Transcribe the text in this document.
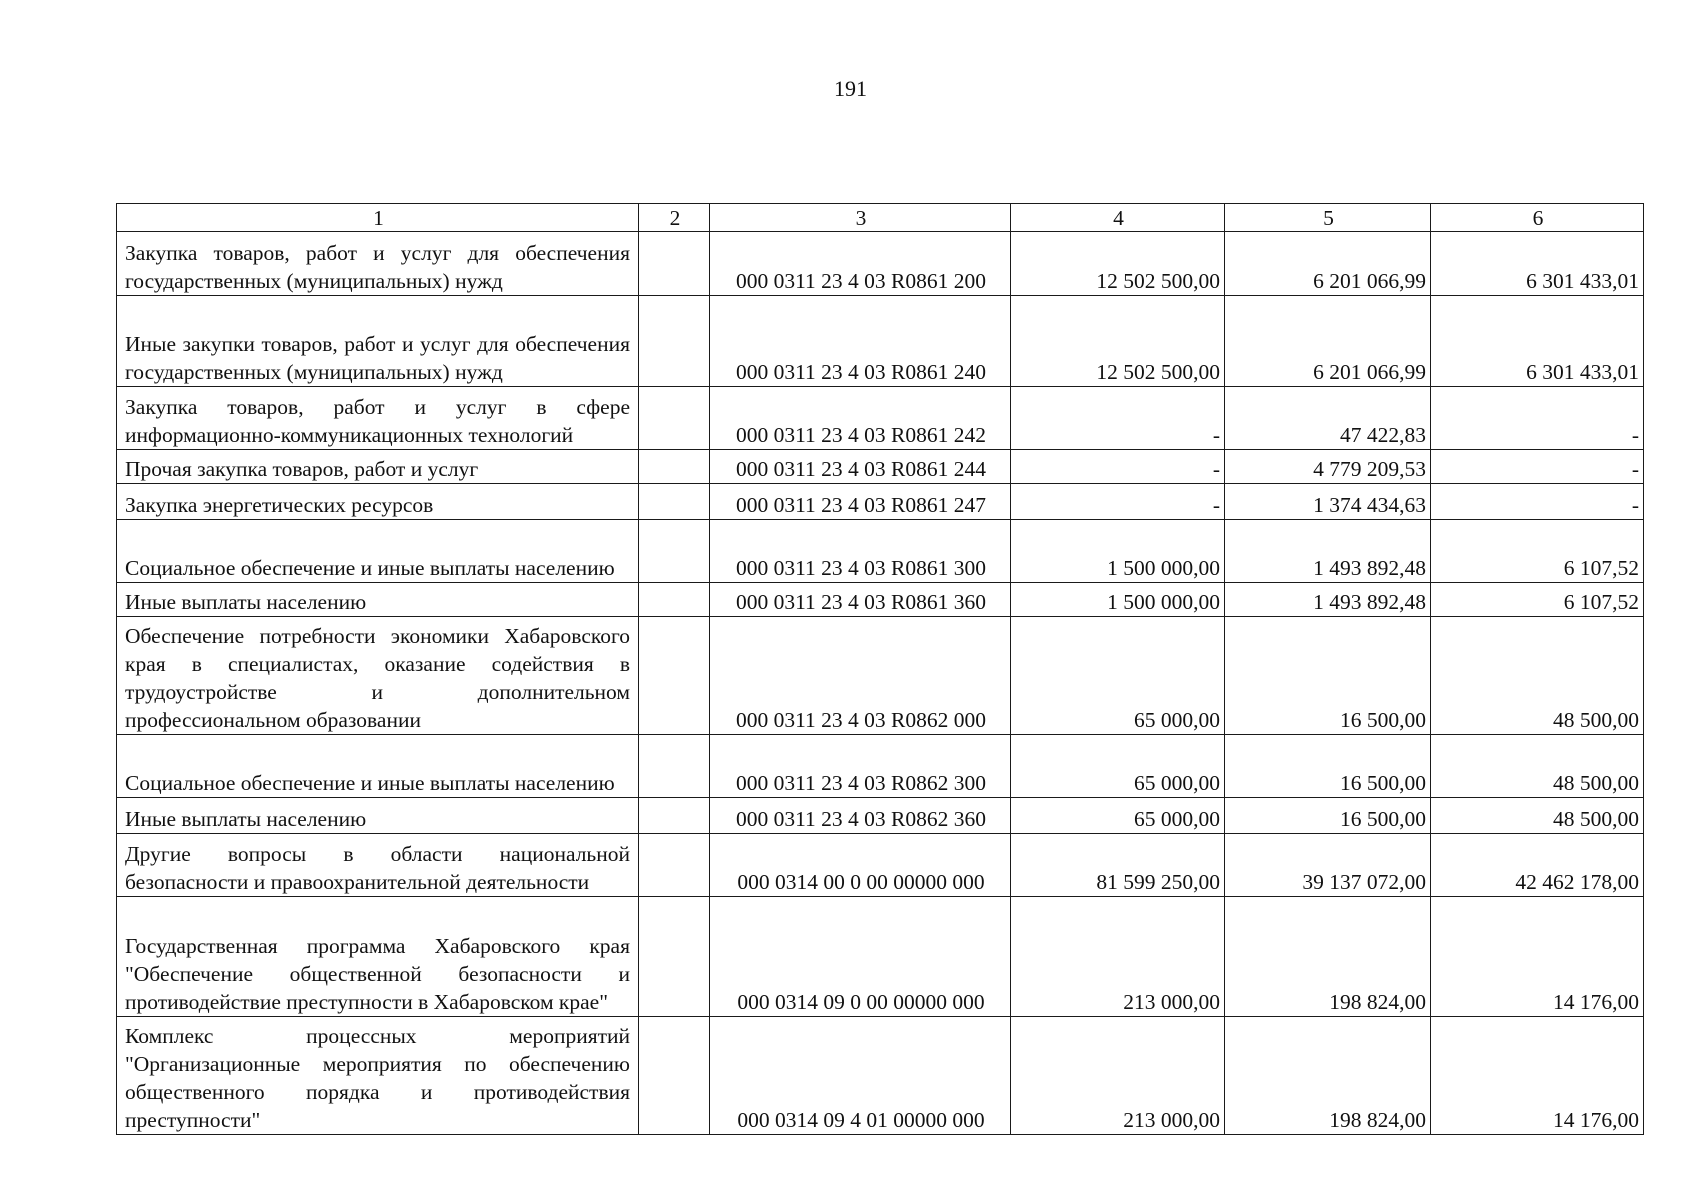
191
1	2	3	4	5	6
Закупка товаров, работ и услуг для обеспечения государственных (муниципальных) нужд		000 0311 23 4 03 R0861 200	12 502 500,00	6 201 066,99	6 301 433,01
Иные закупки товаров, работ и услуг для обеспечения государственных (муниципальных) нужд		000 0311 23 4 03 R0861 240	12 502 500,00	6 201 066,99	6 301 433,01
Закупка товаров, работ и услуг в сфере информационно-коммуникационных технологий		000 0311 23 4 03 R0861 242	-	47 422,83	-
Прочая закупка товаров, работ и услуг		000 0311 23 4 03 R0861 244	-	4 779 209,53	-
Закупка энергетических ресурсов		000 0311 23 4 03 R0861 247	-	1 374 434,63	-
Социальное обеспечение и иные выплаты населению		000 0311 23 4 03 R0861 300	1 500 000,00	1 493 892,48	6 107,52
Иные выплаты населению		000 0311 23 4 03 R0861 360	1 500 000,00	1 493 892,48	6 107,52
Обеспечение потребности экономики Хабаровского края в специалистах, оказание содействия в трудоустройстве и дополнительном профессиональном образовании		000 0311 23 4 03 R0862 000	65 000,00	16 500,00	48 500,00
Социальное обеспечение и иные выплаты населению		000 0311 23 4 03 R0862 300	65 000,00	16 500,00	48 500,00
Иные выплаты населению		000 0311 23 4 03 R0862 360	65 000,00	16 500,00	48 500,00
Другие вопросы в области национальной безопасности и правоохранительной деятельности		000 0314 00 0 00 00000 000	81 599 250,00	39 137 072,00	42 462 178,00
Государственная программа Хабаровского края "Обеспечение общественной безопасности и противодействие преступности в Хабаровском крае"		000 0314 09 0 00 00000 000	213 000,00	198 824,00	14 176,00
Комплекс процессных мероприятий "Организационные мероприятия по обеспечению общественного порядка и противодействия преступности"		000 0314 09 4 01 00000 000	213 000,00	198 824,00	14 176,00
